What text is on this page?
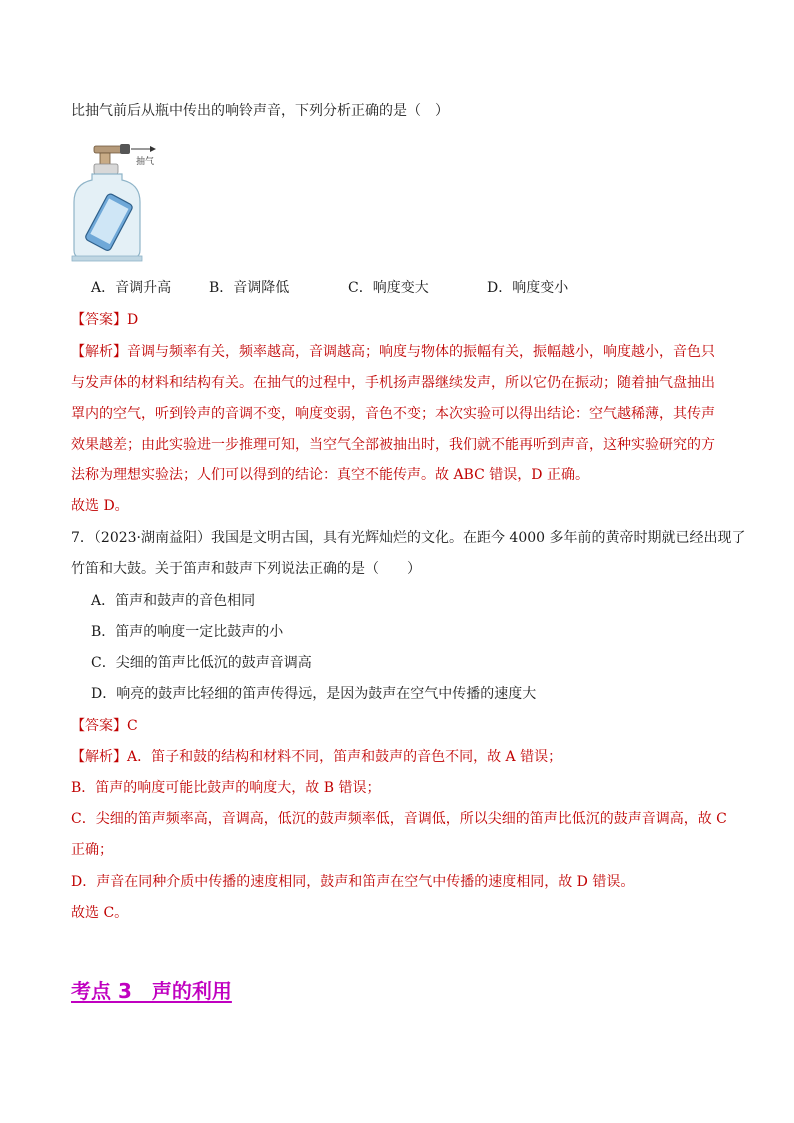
比抽气前后从瓶中传出的响铃声音，下列分析正确的是（　）
抽气
A．音调升高	B．音调降低	C．响度变大	D．响度变小
【答案】D
【解析】音调与频率有关，频率越高，音调越高；响度与物体的振幅有关，振幅越小，响度越小，音色只
与发声体的材料和结构有关。在抽气的过程中，手机扬声器继续发声，所以它仍在振动；随着抽气盘抽出
罩内的空气，听到铃声的音调不变，响度变弱，音色不变；本次实验可以得出结论：空气越稀薄，其传声
效果越差；由此实验进一步推理可知，当空气全部被抽出时，我们就不能再听到声音，这种实验研究的方
法称为理想实验法；人们可以得到的结论：真空不能传声。故 ABC 错误，D 正确。
故选 D。
7．（2023·湖南益阳）我国是文明古国，具有光辉灿烂的文化。在距今 4000 多年前的黄帝时期就已经出现了
竹笛和大鼓。关于笛声和鼓声下列说法正确的是（　　）
A．笛声和鼓声的音色相同
B．笛声的响度一定比鼓声的小
C．尖细的笛声比低沉的鼓声音调高
D．响亮的鼓声比轻细的笛声传得远，是因为鼓声在空气中传播的速度大
【答案】C
【解析】A．笛子和鼓的结构和材料不同，笛声和鼓声的音色不同，故 A 错误；
B．笛声的响度可能比鼓声的响度大，故 B 错误；
C．尖细的笛声频率高，音调高，低沉的鼓声频率低，音调低，所以尖细的笛声比低沉的鼓声音调高，故 C
正确；
D．声音在同种介质中传播的速度相同，鼓声和笛声在空气中传播的速度相同，故 D 错误。
故选 C。
考点 3　声的利用
